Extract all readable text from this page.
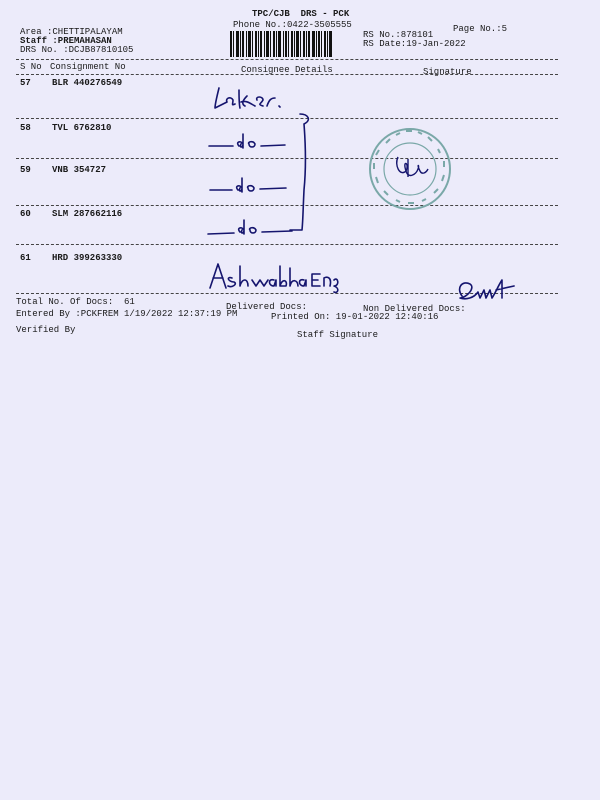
TPC/CJB  DRS - PCK
Phone No.:0422-3505555	Page No.:5
Area :CHETTIPALAYAM
Staff :PREMAHASAN
DRS No. :DCJB87810105
RS No.:878101
RS Date:19-Jan-2022
S No Consignment No	Consignee Details	Signature
57 BLR 440276549
58 TVL 6762810
59 VNB 354727
60 SLM 287662116
61 HRD 399263330
Total No. Of Docs:  61	Delivered Docs:	Non Delivered Docs:
Entered By :PCKFREM 1/19/2022 12:37:19 PM	Printed On: 19-01-2022 12:40:16
Verified By	Staff Signature
